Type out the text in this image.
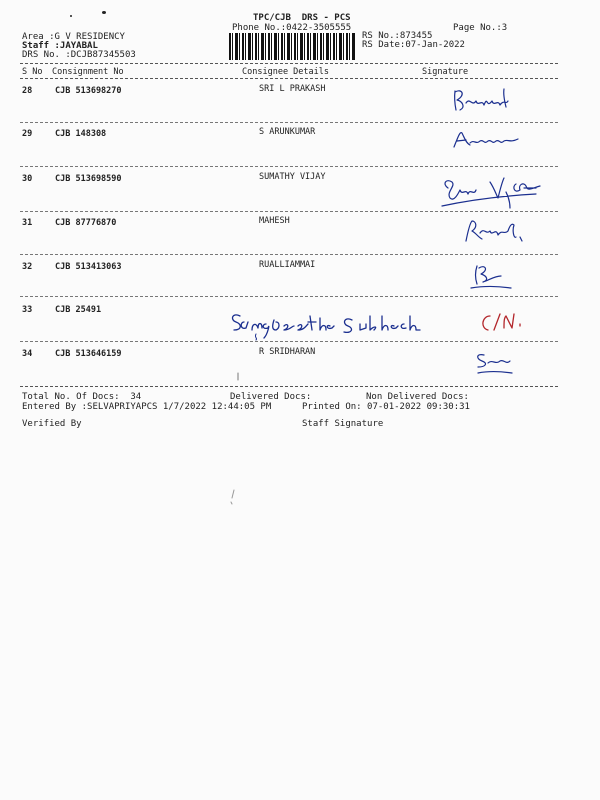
TPC/CJB  DRS - PCS
Phone No.:0422-3505555	Page No.:3
Area :G V RESIDENCY
Staff :JAYABAL
DRS No. :DCJB87345503
RS No.:873455
RS Date:07-Jan-2022
S No Consignment No	Consignee Details	Signature
28	CJB 513698270	SRI L PRAKASH
29	CJB 148308	S ARUNKUMAR
30	CJB 513698590	SUMATHY VIJAY
31	CJB 87776870	MAHESH
32	CJB 513413063	RUALLIAMMAI
33	CJB 25491
34	CJB 513646159	R SRIDHARAN
Total No. Of Docs:  34	Delivered Docs:	Non Delivered Docs:
Entered By :SELVAPRIYAPCS 1/7/2022 12:44:05 PM	Printed On: 07-01-2022 09:30:31
Verified By	Staff Signature
